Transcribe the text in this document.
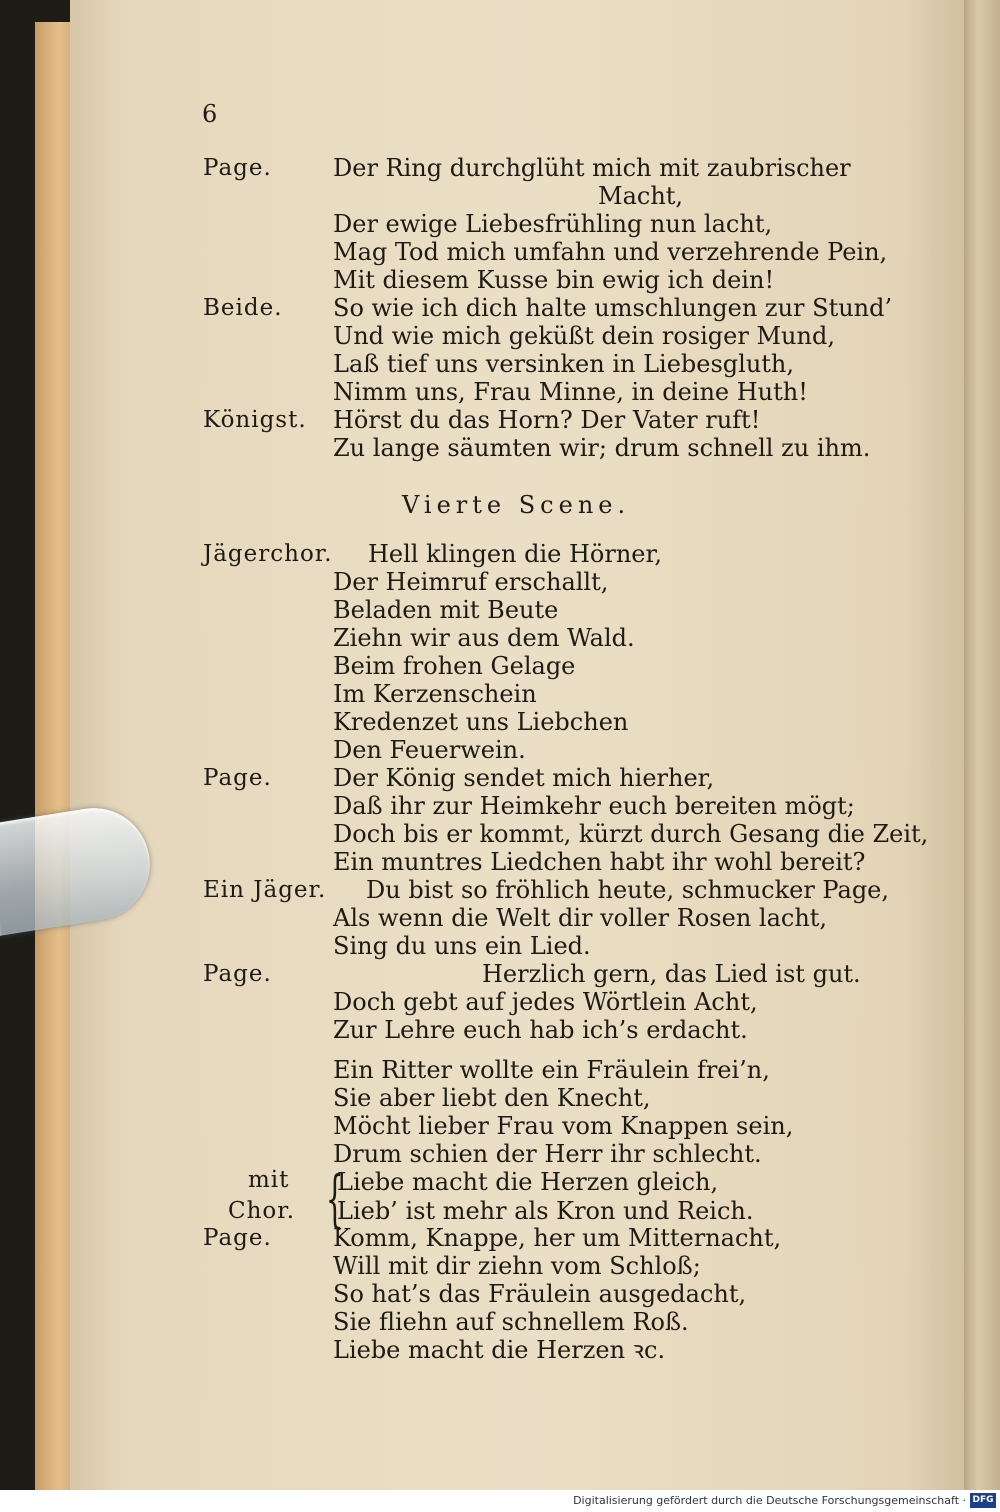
6
Vierte Scene.
Page.
Beide.
Königst.
Jägerchor.
Page.
Ein Jäger.
Page.
mit
Chor.
Page.
{
Der Ring durchglüht mich mit zaubrischer
Macht,
Der ewige Liebesfrühling nun lacht,
Mag Tod mich umfahn und verzehrende Pein,
Mit diesem Kusse bin ewig ich dein!
So wie ich dich halte umschlungen zur Stund’
Und wie mich geküßt dein rosiger Mund,
Laß tief uns versinken in Liebesgluth,
Nimm uns, Frau Minne, in deine Huth!
Hörst du das Horn? Der Vater ruft!
Zu lange säumten wir; drum schnell zu ihm.
Hell klingen die Hörner,
Der Heimruf erschallt,
Beladen mit Beute
Ziehn wir aus dem Wald.
Beim frohen Gelage
Im Kerzenschein
Kredenzet uns Liebchen
Den Feuerwein.
Der König sendet mich hierher,
Daß ihr zur Heimkehr euch bereiten mögt;
Doch bis er kommt, kürzt durch Gesang die Zeit,
Ein muntres Liedchen habt ihr wohl bereit?
Du bist so fröhlich heute, schmucker Page,
Als wenn die Welt dir voller Rosen lacht,
Sing du uns ein Lied.
Herzlich gern, das Lied ist gut.
Doch gebt auf jedes Wörtlein Acht,
Zur Lehre euch hab ich’s erdacht.
Ein Ritter wollte ein Fräulein frei’n,
Sie aber liebt den Knecht,
Möcht lieber Frau vom Knappen sein,
Drum schien der Herr ihr schlecht.
Liebe macht die Herzen gleich,
Lieb’ ist mehr als Kron und Reich.
Komm, Knappe, her um Mitternacht,
Will mit dir ziehn vom Schloß;
So hat’s das Fräulein ausgedacht,
Sie fliehn auf schnellem Roß.
Liebe macht die Herzen ꝛc.
Digitalisierung gefördert durch die Deutsche Forschungsgemeinschaft · DFG
